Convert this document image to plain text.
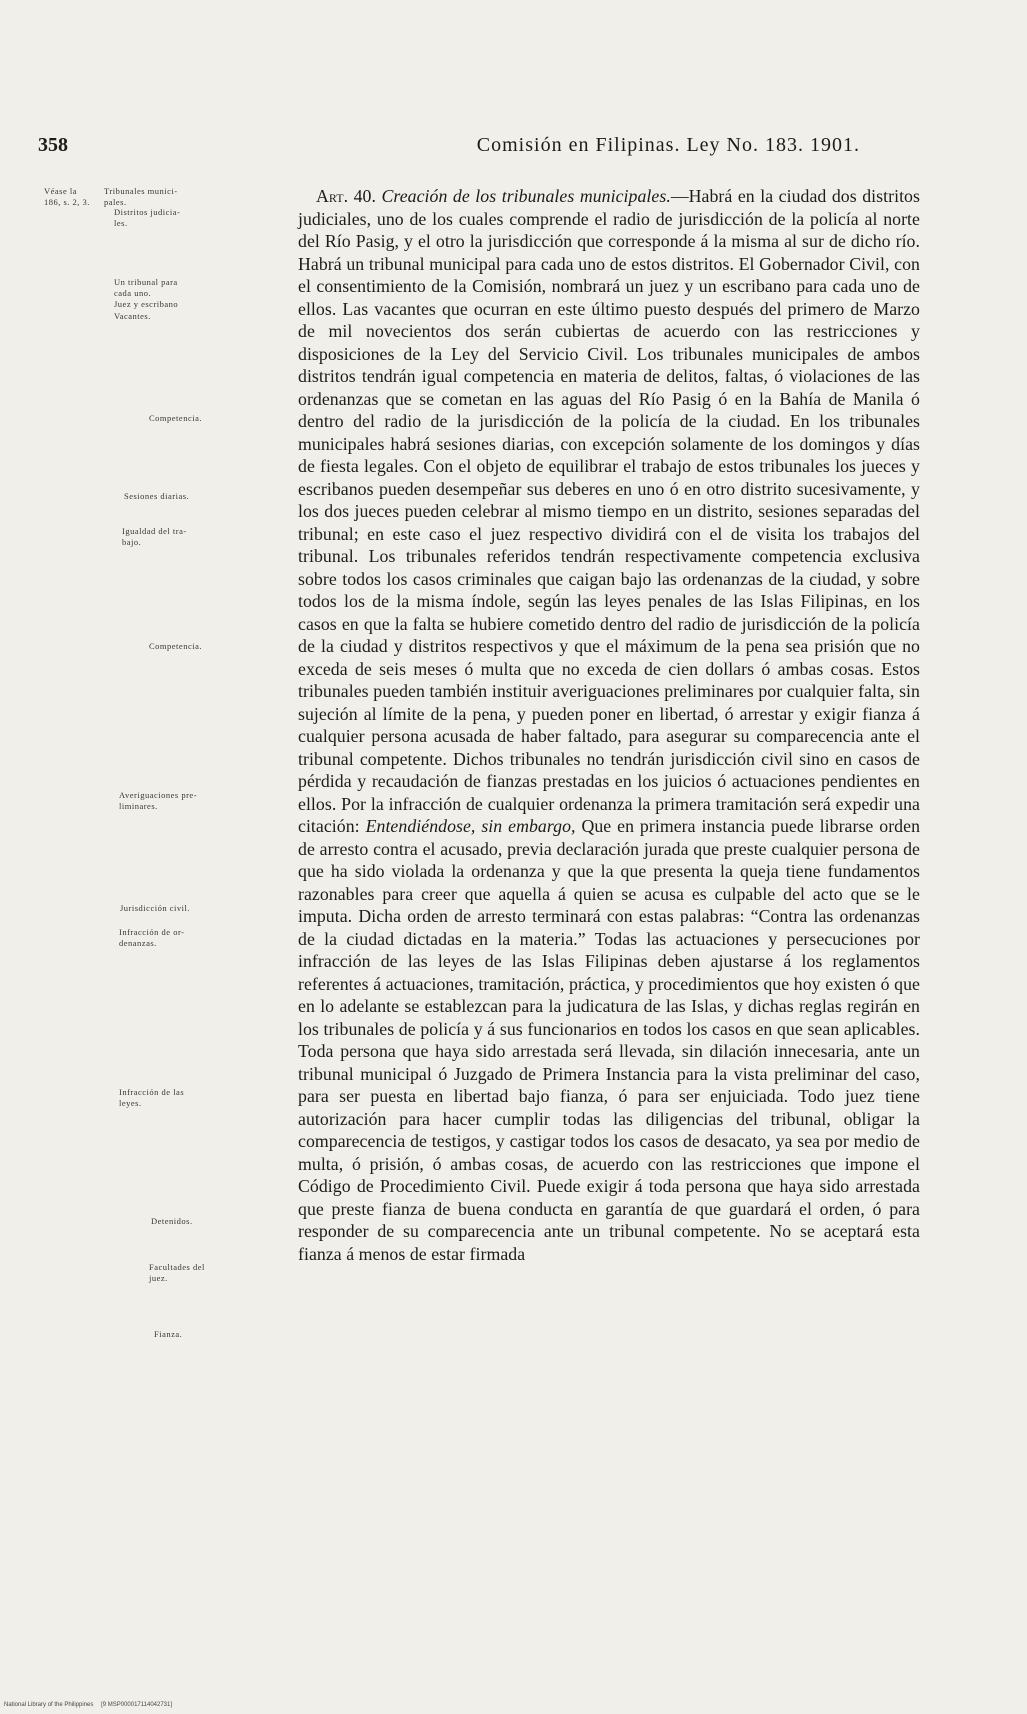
358	Comisión en Filipinas. Ley No. 183. 1901.
Véase la
186, s. 2, 3.
Tribunales munici-
pales.
Distritos judicia-
les.
Un tribunal para
cada uno.
Juez y escribano
Vacantes.
Competencia.
Sesiones diarias.
Igualdad del tra-
bajo.
Competencia.
Averiguaciones pre-
liminares.
Jurisdicción civil.
Infracción de or-
denanzas.
Infracción de las
leyes.
Detenidos.
Facultades del
juez.
Fianza.

Art. 40. Creación de los tribunales municipales.—Habrá en la ciudad dos distritos judiciales, uno de los cuales comprende el radio de jurisdicción de la policía al norte del Río Pasig, y el otro la jurisdicción que corresponde á la misma al sur de dicho río. Habrá un tribunal municipal para cada uno de estos distritos. El Gobernador Civil, con el consentimiento de la Comisión, nombrará un juez y un escribano para cada uno de ellos. Las vacantes que ocurran en este último puesto después del primero de Marzo de mil novecientos dos serán cubiertas de acuerdo con las restricciones y disposiciones de la Ley del Servicio Civil. Los tribunales municipales de ambos distritos tendrán igual competencia en materia de delitos, faltas, ó violaciones de las ordenanzas que se cometan en las aguas del Río Pasig ó en la Bahía de Manila ó dentro del radio de la jurisdicción de la policía de la ciudad. En los tribunales municipales habrá sesiones diarias, con excepción solamente de los domingos y días de fiesta legales. Con el objeto de equilibrar el trabajo de estos tribunales los jueces y escribanos pueden desempeñar sus deberes en uno ó en otro distrito sucesivamente, y los dos jueces pueden celebrar al mismo tiempo en un distrito, sesiones separadas del tribunal; en este caso el juez respectivo dividirá con el de visita los trabajos del tribunal. Los tribunales referidos tendrán respectivamente competencia exclusiva sobre todos los casos criminales que caigan bajo las ordenanzas de la ciudad, y sobre todos los de la misma índole, según las leyes penales de las Islas Filipinas, en los casos en que la falta se hubiere cometido dentro del radio de jurisdicción de la policía de la ciudad y distritos respectivos y que el máximum de la pena sea prisión que no exceda de seis meses ó multa que no exceda de cien dollars ó ambas cosas. Estos tribunales pueden también instituir averiguaciones preliminares por cualquier falta, sin sujeción al límite de la pena, y pueden poner en libertad, ó arrestar y exigir fianza á cualquier persona acusada de haber faltado, para asegurar su comparecencia ante el tribunal competente. Dichos tribunales no tendrán jurisdicción civil sino en casos de pérdida y recaudación de fianzas prestadas en los juicios ó actuaciones pendientes en ellos. Por la infracción de cualquier ordenanza la primera tramitación será expedir una citación: Entendiéndose, sin embargo, Que en primera instancia puede librarse orden de arresto contra el acusado, previa declaración jurada que preste cualquier persona de que ha sido violada la ordenanza y que la que presenta la queja tiene fundamentos razonables para creer que aquella á quien se acusa es culpable del acto que se le imputa. Dicha orden de arresto terminará con estas palabras: “Contra las ordenanzas de la ciudad dictadas en la materia.” Todas las actuaciones y persecuciones por infracción de las leyes de las Islas Filipinas deben ajustarse á los reglamentos referentes á actuaciones, tramitación, práctica, y procedimientos que hoy existen ó que en lo adelante se establezcan para la judicatura de las Islas, y dichas reglas regirán en los tribunales de policía y á sus funcionarios en todos los casos en que sean aplicables. Toda persona que haya sido arrestada será llevada, sin dilación innecesaria, ante un tribunal municipal ó Juzgado de Primera Instancia para la vista preliminar del caso, para ser puesta en libertad bajo fianza, ó para ser enjuiciada. Todo juez tiene autorización para hacer cumplir todas las diligencias del tribunal, obligar la comparecencia de testigos, y castigar todos los casos de desacato, ya sea por medio de multa, ó prisión, ó ambas cosas, de acuerdo con las restricciones que impone el Código de Procedimiento Civil. Puede exigir á toda persona que haya sido arrestada que preste fianza de buena conducta en garantía de que guardará el orden, ó para responder de su comparecencia ante un tribunal competente. No se aceptará esta fianza á menos de estar firmada

National Library of the Philippines [9 MSP000017114042731]
